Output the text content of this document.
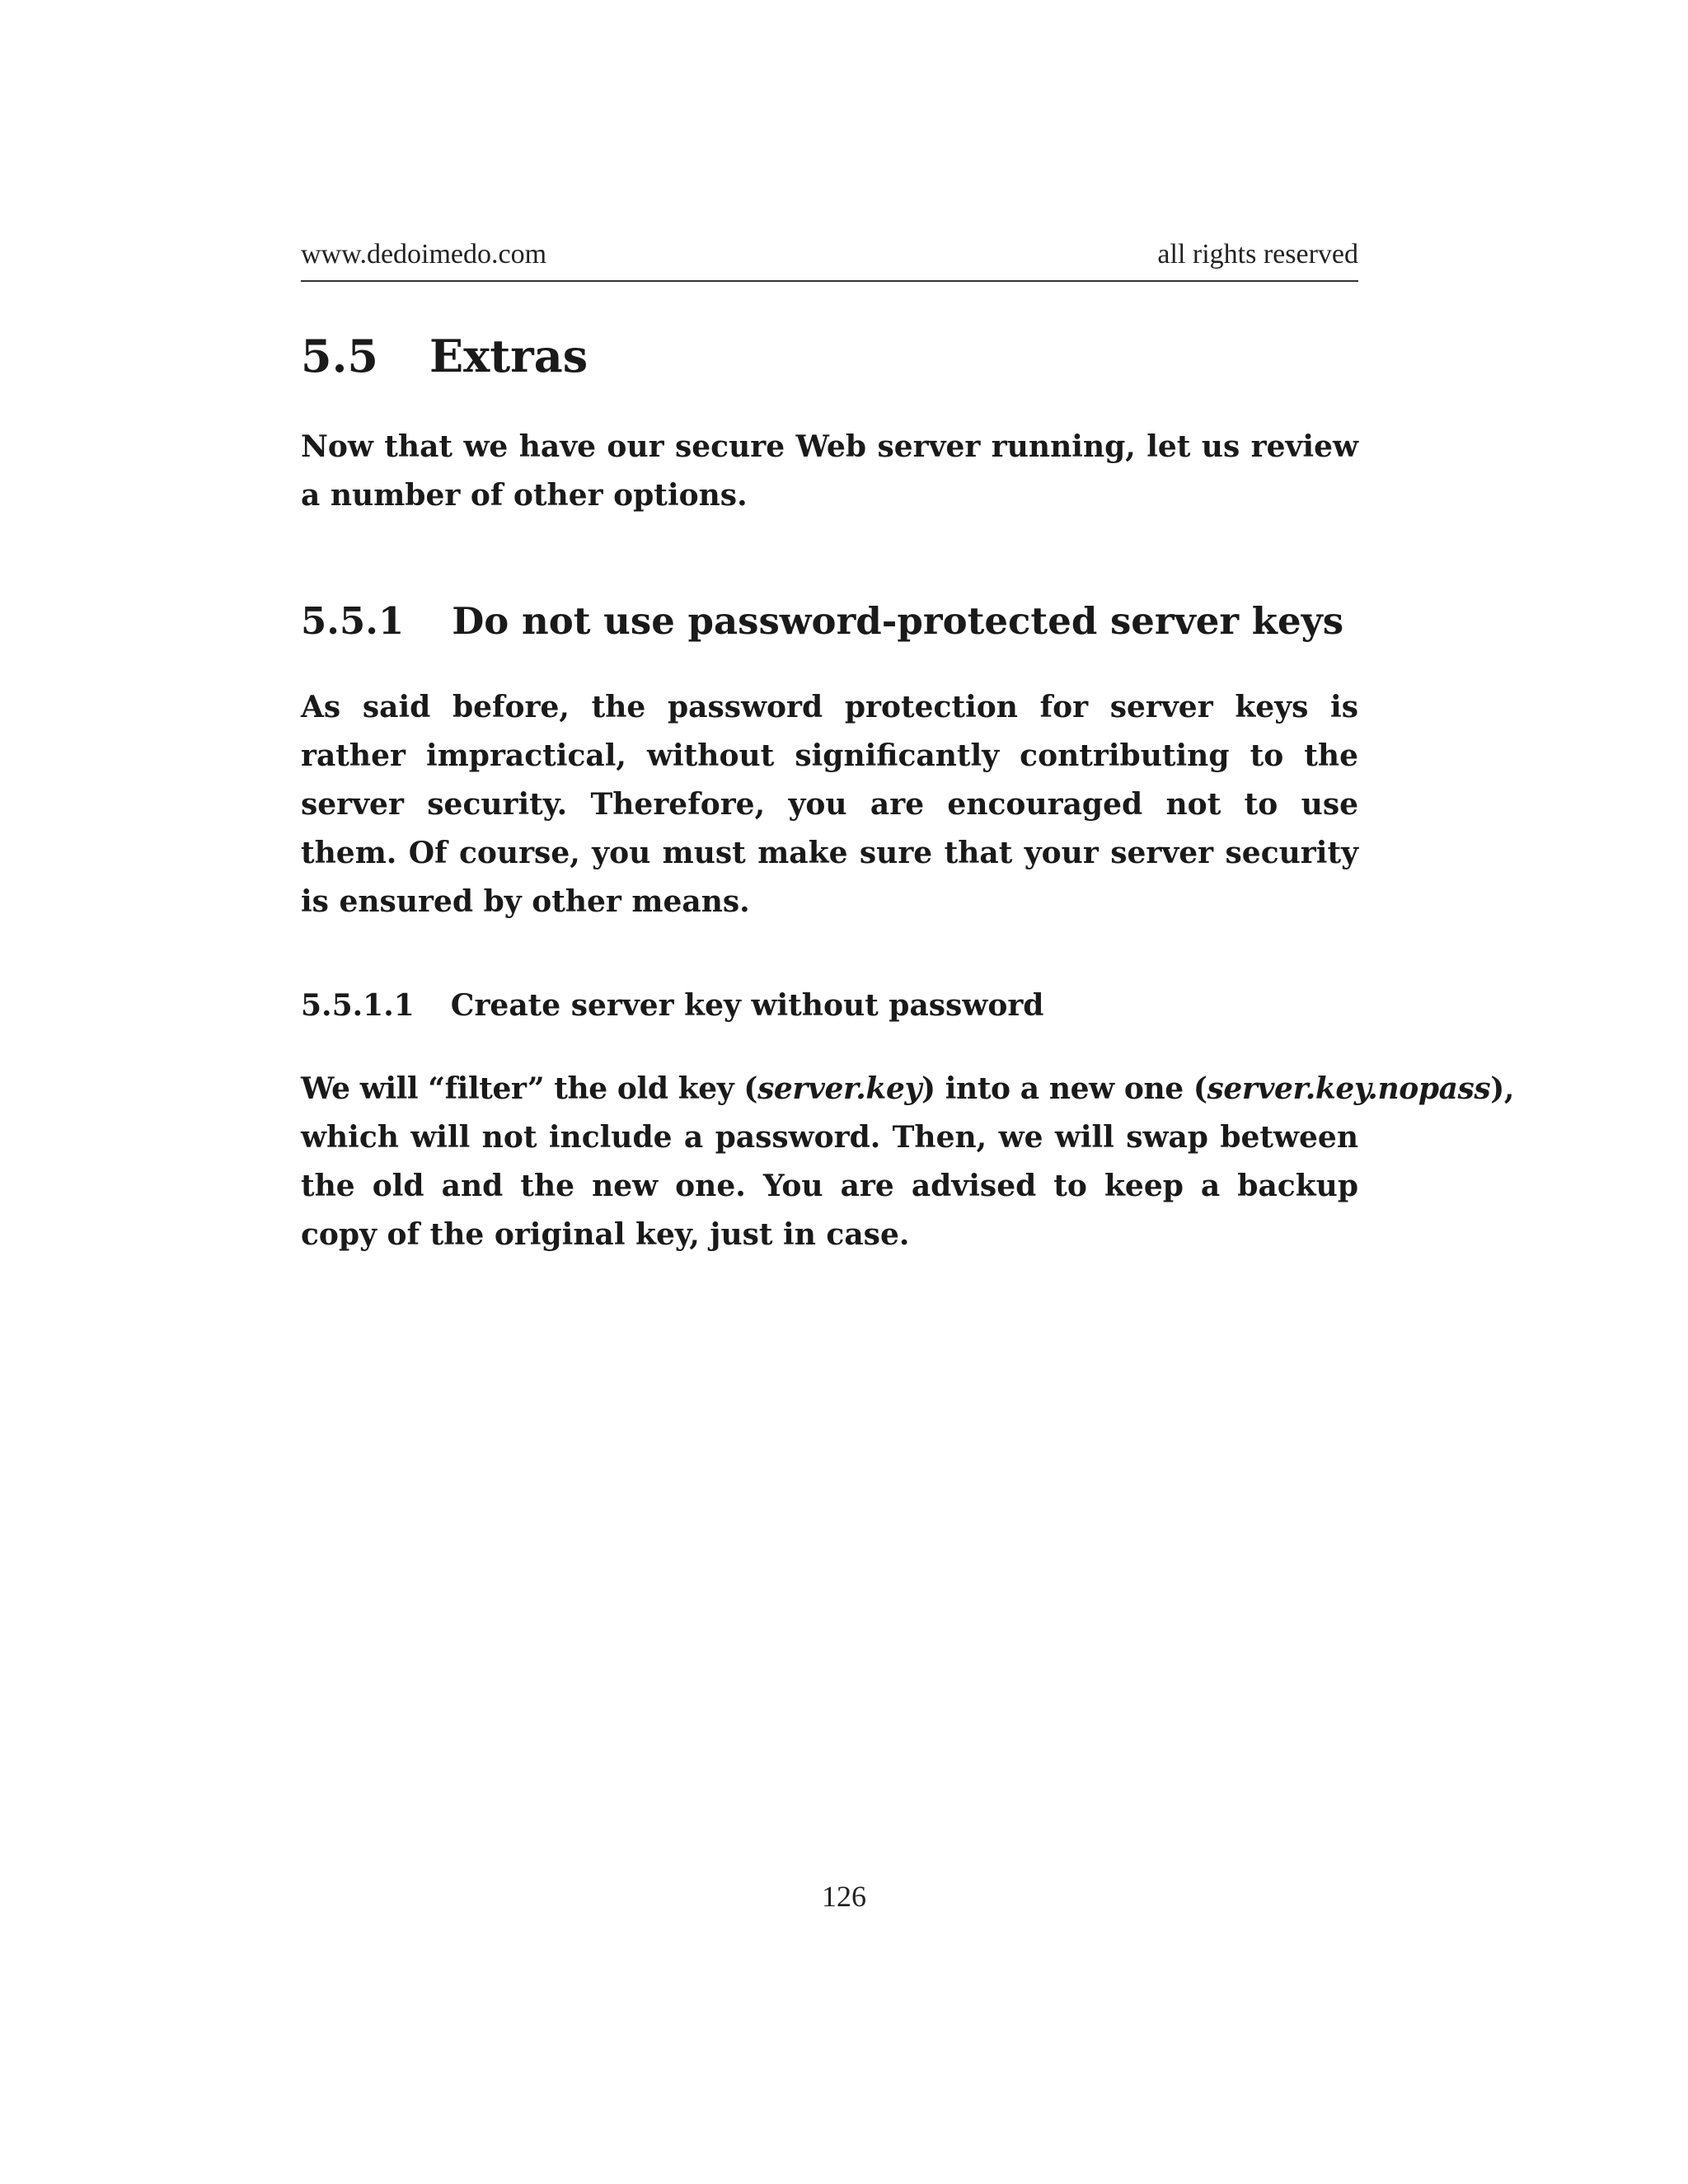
www.dedoimedo.com	all rights reserved
5.5 Extras

Now that we have our secure Web server running, let us review a number of other options.

5.5.1 Do not use password-protected server keys

As said before, the password protection for server keys is rather impractical, without significantly contributing to the server security. Therefore, you are encouraged not to use them. Of course, you must make sure that your server security is ensured by other means.

5.5.1.1 Create server key without password
We will “filter” the old key (server.key) into a new one (server.key.nopass),
which will not include a password. Then, we will swap between the old and the new one. You are advised to keep a backup copy of the original key, just in case.
126
